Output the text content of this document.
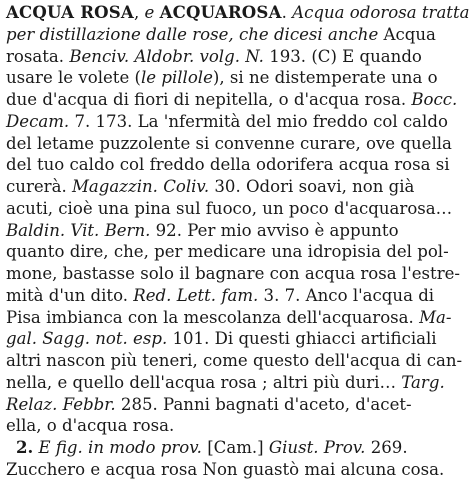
ACQUA ROSA, e ACQUAROSA. Acqua odorosa tratta
per distillazione dalle rose, che dicesi anche Acqua
rosata. Benciv. Aldobr. volg. N. 193. (C) E quando
usare le volete (le pillole), si ne distemperate una o
due d'acqua di fiori di nepitella, o d'acqua rosa. Bocc.
Decam. 7. 173. La 'nfermità del mio freddo col caldo
del letame puzzolente si convenne curare, ove quella
del tuo caldo col freddo della odorifera acqua rosa si
curerà. Magazzin. Coliv. 30. Odori soavi, non già
acuti, cioè una pina sul fuoco, un poco d'acquarosa…
Baldin. Vit. Bern. 92. Per mio avviso è appunto
quanto dire, che, per medicare una idropisia del pol-
mone, bastasse solo il bagnare con acqua rosa l'estre-
mità d'un dito. Red. Lett. fam. 3. 7. Anco l'acqua di
Pisa imbianca con la mescolanza dell'acquarosa. Ma-
gal. Sagg. not. esp. 101. Di questi ghiacci artificiali
altri nascon più teneri, come questo dell'acqua di can-
nella, e quello dell'acqua rosa ; altri più duri… Targ.
Relaz. Febbr. 285. Panni bagnati d'aceto, d'acet-
ella, o d'acqua rosa.
2. E fig. in modo prov. [Cam.] Giust. Prov. 269.
Zucchero e acqua rosa Non guastò mai alcuna cosa.
